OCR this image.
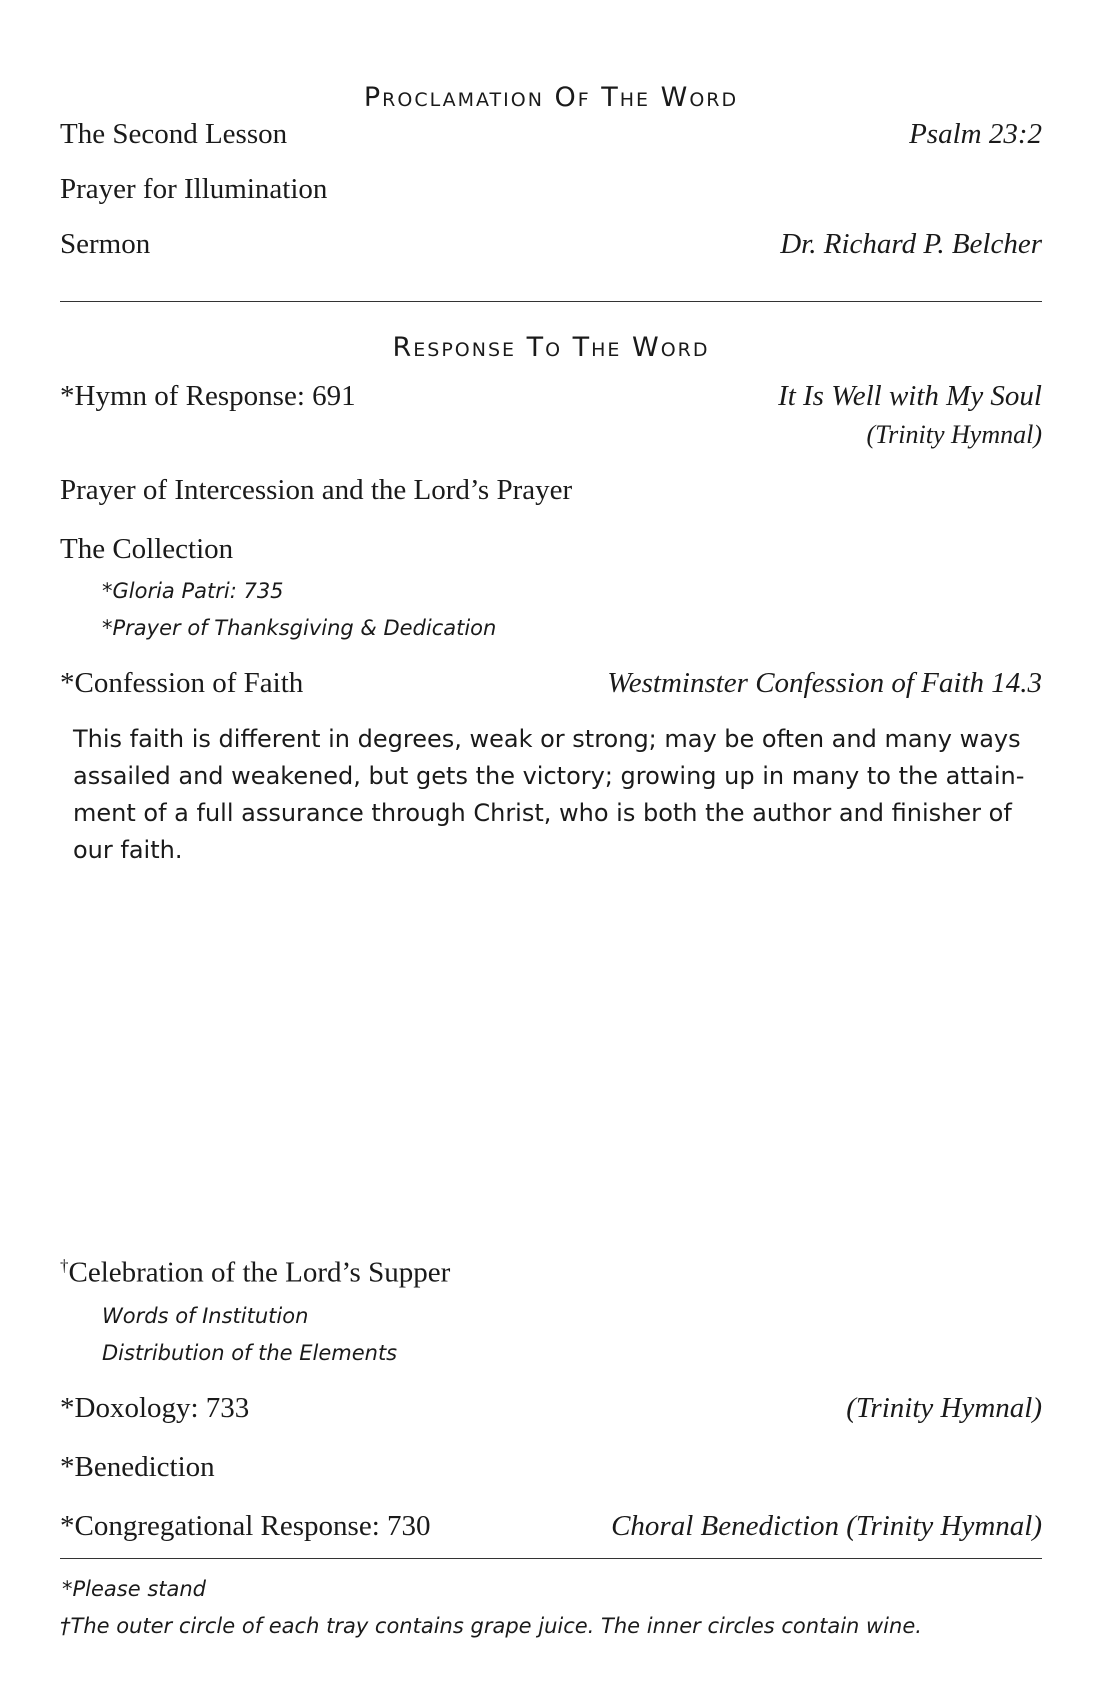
Proclamation Of The Word
The Second Lesson	Psalm 23:2
Prayer for Illumination
Sermon	Dr. Richard P. Belcher
Response To The Word
*Hymn of Response: 691	It Is Well with My Soul
(Trinity Hymnal)
Prayer of Intercession and the Lord’s Prayer
The Collection
*Gloria Patri: 735
*Prayer of Thanksgiving & Dedication
*Confession of Faith	Westminster Confession of Faith 14.3
This faith is different in degrees, weak or strong; may be often and many ways
assailed and weakened, but gets the victory; growing up in many to the attain-
ment of a full assurance through Christ, who is both the author and finisher of
our faith.
†Celebration of the Lord’s Supper
Words of Institution
Distribution of the Elements
*Doxology: 733	(Trinity Hymnal)
*Benediction
*Congregational Response: 730	Choral Benediction (Trinity Hymnal)
*Please stand
†The outer circle of each tray contains grape juice. The inner circles contain wine.
